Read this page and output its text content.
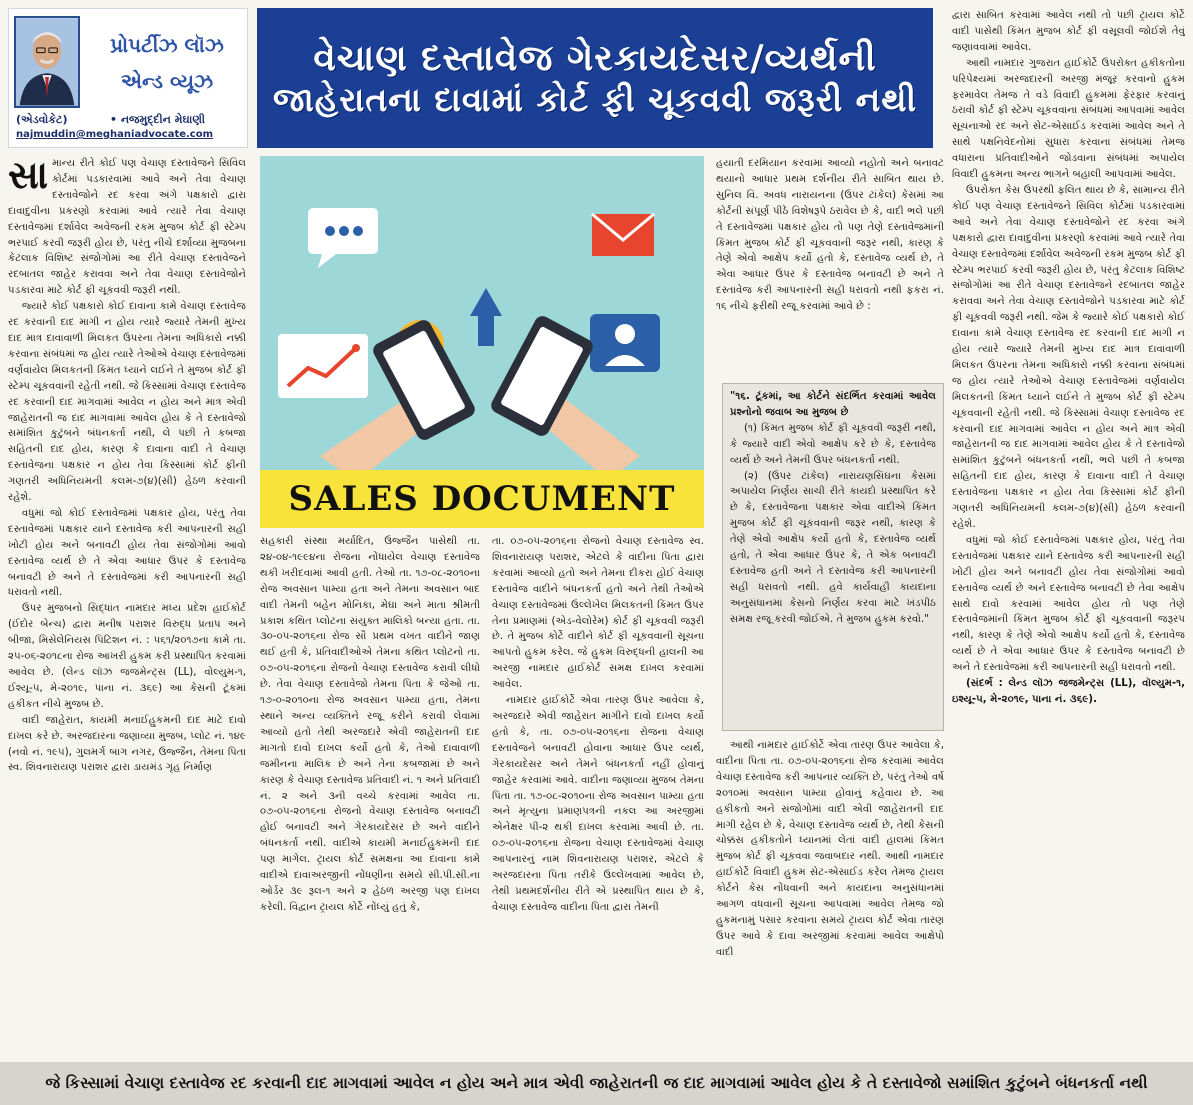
પ્રોપર્ટીઝ લૉઝ
એન્ડ વ્યૂઝ
(એડવોકેટ)	• નજમુદ્દીન મેઘાણી
najmuddin@meghaniadvocate.com
વેચાણ દસ્તાવેજ ગેરકાયદેસર/વ્યર્થની
જાહેરાતના દાવામાં કોર્ટ ફી ચૂકવવી જરૂરી નથી

સામાન્ય રીતે કોઈ પણ વેચાણ દસ્તાવેજને સિવિલ કોર્ટમાં પડકારવામાં આવે અને તેવા વેચાણ દસ્તાવેજોને રદ કરવા અંગે પક્ષકારો દ્વારા દાવાદુવીના પ્રકરણો કરવામાં આવે ત્યારે તેવા વેચાણ દસ્તાવેજમાં દર્શાવેલ અવેજની રકમ મુજબ કોર્ટ ફી સ્ટેમ્પ ભરપાઈ કરવી જરૂરી હોય છે, પરંતુ નીચે દર્શાવ્યા મુજબના કેટલાક વિશિષ્ટ સંજોગોમાં આ રીતે વેચાણ દસ્તાવેજને રદબાતલ જાહેર કરાવવા અને તેવા વેચાણ દસ્તાવેજોને પડકારવા માટે કોર્ટ ફી ચૂકવવી જરૂરી નથી.

જ્યારે કોઈ પક્ષકારો કોઈ દાવાના કામે વેચાણ દસ્તાવેજ રદ કરવાની દાદ માગી ન હોય ત્યારે જ્યારે તેમની મુખ્ય દાદ માત્ર દાવાવાળી મિલકત ઉપરના તેમના અધિકારો નક્કી કરવાના સંબંધમાં જ હોય ત્યારે તેઓએ વેચાણ દસ્તાવેજમાં વર્ણવાયેલ મિલકતની કિંમત ધ્યાને લઈને તે મુજબ કોર્ટ ફી સ્ટેમ્પ ચૂકવવાની રહેતી નથી. જે કિસ્સામાં વેચાણ દસ્તાવેજ રદ કરવાની દાદ માગવામાં આવેલ ન હોય અને માત્ર એવી જાહેરાતની જ દાદ માગવામાં આવેલ હોય કે તે દસ્તાવેજો સમાંશિત કુટુંબને બંધનકર્તા નથી, લે પછી તે કબજા સહિતની દાદ હોય, કારણ કે દાવાના વાદી તે વેચાણ દસ્તાવેજના પક્ષકાર ન હોય તેવા કિસ્સામાં કોર્ટ ફીની ગણતરી અધિનિયમની કલમ-૭(૪)(સી) હેઠળ કરવાની રહેશે.

વધુમાં જો કોઈ દસ્તાવેજમાં પક્ષકાર હોય, પરંતુ તેવા દસ્તાવેજમાં પક્ષકાર યાને દસ્તાવેજ કરી આપનારની સહી ખોટી હોય અને બનાવટી હોય તેવા સંજોગોમાં આવો દસ્તાવેજ વ્યર્થ છે તે એવા આધાર ઉપર કે દસ્તાવેજ બનાવટી છે અને તે દસ્તાવેજમાં કરી આપનારની સહી ધરાવતો નથી.

ઉપર મુજબનો સિદ્ધાંત નામદાર મધ્ય પ્રદેશ હાઈકોર્ટ (ઈંદોર બેન્ચ) દ્વારા મનીષ પરાશર વિરુદ્ધ પ્રતાપ અને બીજા, મિસેલેનિયસ પિટિશન નં. : ૫૬૧/૨૦૧૭ના કામે તા. ૨૫-૦૬-૨૦૧૮ના રોજ આખરી હુકમ કરી પ્રસ્થાપિત કરવામાં આવેલ છે. (લેન્ડ લૉઝ જજમેન્ટ્સ (LL), વોલ્યુમ-૧, ઈશ્યૂ-૫, મે-૨૦૧૯, પાના નં. ૩૬૯) આ કેસની ટૂંકમાં હકીકત નીચે મુજબ છે.

વાદી જાહેરાત, કાયમી મનાઈહુકમની દાદ માટે દાવો દાખલ કરે છે. અરજદારના જણાવ્યા મુજબ, પ્લોટ નં. ૧૪૯ (નવો નં. ૧૯૫), ગુલમર્ગ બાગ નગર, ઉજ્જૈન, તેમના પિતા સ્વ. શિવનારાયણ પરાશર દ્વારા ડાયમંડ ગૃહ નિર્માણ

SALES DOCUMENT

સહકારી સંસ્થા મર્યાદિત, ઉજ્જૈન પાસેથી તા. ૨૪-૦૪-૧૯૯૪ના રોજના નોંધાયેલ વેચાણ દસ્તાવેજ થકી ખરીદવામાં આવી હતી. તેઓ તા. ૧૭-૦૮-૨૦૧૦ના રોજ અવસાન પામ્યા હતા અને તેમના અવસાન બાદ વાદી તેમની બહેન મોનિકા, મેઘા અને માતા શ્રીમતી પ્રકાશ કથિત પ્લોટના સંયુક્ત માલિકો બન્યા હતા. તા. ૩૦-૦૫-૨૦૧૬ના રોજ સૌ પ્રથમ વખત વાદીને જાણ થઈ હતી કે, પ્રતિવાદીઓએ તેમના કથિત પ્લોટનો તા. ૦૭-૦૫-૨૦૧૬ના રોજનો વેચાણ દસ્તાવેજ કરાવી લીધો છે. તેવા વેચાણ દસ્તાવેજો તેમના પિતા કે જેઓ તા. ૧૭-૦-૨૦૧૦ના રોજ અવસાન પામ્યા હતા, તેમના સ્થાને અન્ય વ્યક્તિને રજૂ કરીને કરાવી લેવામાં આવ્યો હતો તેથી અરજદારે એવી જાહેરાતની દાદ માગતો દાવો દાખલ કર્યો હતો કે, તેઓ દાવાવાળી જમીનના માલિક છે અને તેના કબજામાં છે અને કારણ કે વેચાણ દસ્તાવેજ પ્રતિવાદી નં. ૧ અને પ્રતિવાદી નં. ૨ અને ૩ની વચ્ચે કરવામાં આવેલ તા. ૦૭-૦૫-૨૦૧૬ના રોજનો વેચાણ દસ્તાવેજ બનાવટી હોઈ બનાવટી અને ગેરકાયદેસર છે અને વાદીને બંધનકર્તા નથી. વાદીએ કાયમી મનાઈહુકમની દાદ પણ માગેલ. ટ્રાયલ કોર્ટ સમક્ષના આ દાવાના કામે વાદીએ દાવાઅરજીની નોંધણીના સમયે સી.પી.સી.ના ઓર્ડર ૩૯ રૂલ-૧ અને ૨ હેઠળ અરજી પણ દાખલ કરેલી. વિદ્વાન ટ્રાયલ કોર્ટે નોંધ્યું હતું કે,

તા. ૦૭-૦૫-૨૦૧૬ના રોજનો વેચાણ દસ્તાવેજ સ્વ. શિવનારાયણ પરાશર, એટલે કે વાદીના પિતા દ્વારા કરવામાં આવ્યો હતો અને તેમના દીકરા હોઈ વેચાણ દસ્તાવેજ વાદીને બંધનકર્તા હતો અને તેથી તેઓએ વેચાણ દસ્તાવેજમાં ઉલ્લેખેલ મિલકતની કિંમત ઉપર તેના પ્રમાણમાં (એડ-વેલોરેમ) કોર્ટ ફી ચૂકવવી જરૂરી છે. તે મુજબ કોર્ટે વાદીને કોર્ટ ફી ચૂકવવાની સૂચના આપતો હુકમ કરેલ. જે હુકમ વિરુદ્ધની હાલની આ અરજી નામદાર હાઈકોર્ટ સમક્ષ દાખલ કરવામાં આવેલ.

નામદાર હાઈકોર્ટે એવા તારણ ઉપર આવેલા કે, અરજદારે એવી જાહેરાત માગીને દાવો દાખલ કર્યો હતો કે, તા. ૦૭-૦૫-૨૦૧૬ના રોજના વેચાણ દસ્તાવેજને બનાવટી હોવાના આધાર ઉપર વ્યર્થ, ગેરકાયદેસર અને તેમને બંધનકર્તા નહીં હોવાનું જાહેર કરવામાં આવે. વાદીના જણાવ્યા મુજબ તેમના પિતા તા. ૧૭-૦૮-૨૦૧૦ના રોજ અવસાન પામ્યા હતા અને મૃત્યુના પ્રમાણપત્રની નકલ આ અરજીમાં એનેક્ષર પી-૨ થકી દાખલ કરવામાં આવી છે. તા. ૦૭-૦૫-૨૦૧૬ના રોજના વેચાણ દસ્તાવેજમાં વેચાણ આપનારનું નામ શિવનારાયણ પરાશર, એટલે કે અરજદારના પિતા તરીકે ઉલ્લેખવામાં આવેલ છે, તેથી પ્રથમદર્શનીય રીતે એ પ્રસ્થાપિત થાય છે કે, વેચાણ દસ્તાવેજ વાદીના પિતા દ્વારા તેમની

હયાતી દરમિયાન કરવામાં આવ્યો નહોતો અને બનાવટ થયાનો આધાર પ્રથમ દર્શનીય રીતે સાબિત થાય છે. સુનિલ વિ. અવધ નારાયનના (ઉપર ટાંકેલ) કેસમાં આ કોર્ટની સંપૂર્ણ પીઠે વિશેષરૂપે ઠરાવેલ છે કે, વાદી ભલે પછી તે દસ્તાવેજમાં પક્ષકાર હોય તો પણ તેણે દસ્તાવેજમાંની કિંમત મુજબ કોર્ટ ફી ચૂકવવાની જરૂર નથી, કારણ કે તેણે એવો આક્ષેપ કર્યો હતો કે, દસ્તાવેજ વ્યર્થ છે, તે એવા આધાર ઉપર કે દસ્તાવેજ બનાવટી છે અને તે દસ્તાવેજ કરી આપનારની સહી ધરાવતો નથી ફકરા નં. ૧૬ નીચે ફરીથી રજૂ કરવામાં આવે છે :

"૧૬. ટૂંકમાં, આ કોર્ટને સંદર્ભિત કરવામાં આવેલ પ્રશ્નોનો જવાબ આ મુજબ છે

(૧) કિંમત મુજબ કોર્ટ ફી ચૂકવવી જરૂરી નથી, કે જ્યારે વાદી એવો આક્ષેપ કરે છે કે, દસ્તાવેજ વ્યર્થ છે અને તેમની ઉપર બંધનકર્તા નથી.

(૨) (ઉપર ટાંકેલ) નારાયણસિંઘના કેસમાં અપાયેલ નિર્ણય સાચી રીતે કાયદો પ્રસ્થાપિત કરે છે કે, દસ્તાવેજના પક્ષકાર એવા વાદીએ કિંમત મુજબ કોર્ટ ફી ચૂકવવાની જરૂર નથી, કારણ કે તેણે એવો આક્ષેપ કર્યો હતો કે, દસ્તાવેજ વ્યર્થ હતો, તે એવા આધાર ઉપર કે, તે એક બનાવટી દસ્તાવેજ હતી અને તે દસ્તાવેજ કરી આપનારની સહી ધરાવતો નથી. હવે કાર્યવાહી કાયદાના અનુસંધાનમાં કેસનો નિર્ણય કરવા માટે ખંડપીઠ સમક્ષ રજૂ કરવી જોઈએ. તે મુજબ હુકમ કરવો."

આથી નામદાર હાઈકોર્ટે એવા તારણ ઉપર આવેલા કે, વાદીના પિતા તા. ૦૭-૦૫-૨૦૧૬ના રોજ કરવામાં આવેલ વેચાણ દસ્તાવેજ કરી આપનાર વ્યક્તિ છે, પરંતુ તેઓ વર્ષ ૨૦૧૦માં અવસાન પામ્યા હોવાનું કહેવાય છે. આ હકીકતો અને સંજોગોમાં વાદી એવી જાહેરાતની દાદ માગી રહેલ છે કે, વેચાણ દસ્તાવેજ વ્યર્થ છે, તેથી કેસની ચોક્કસ હકીકતોને ધ્યાનમાં લેતાં વાદી હાલમાં કિંમત મુજબ કોર્ટ ફી ચૂકવવા જવાબદાર નથી. આથી નામદાર હાઈકોર્ટે વિવાદી હુકમ સેટ-એસાઈડ કરેલ તેમજ ટ્રાયલ કોર્ટને કેસ નોંધવાની અને કાયદાના અનુસંધાનમાં આગળ વધવાની સૂચના આપવામાં આવેલ તેમજ જો હુકમનામું પસાર કરવાના સમયે ટ્રાયલ કોર્ટ એવા તારણ ઉપર આવે કે દાવા અરજીમાં કરવામાં આવેલ આક્ષેપો વાદી

દ્વારા સાબિત કરવામાં આવેલ નથી તો પછી ટ્રાયલ કોર્ટે વાદી પાસેથી કિંમત મુજબ કોર્ટ ફી વસૂલવી જોઈશે તેવું જણાવવામાં આવેલ.

આથી નામદાર ગુજરાત હાઈકોર્ટે ઉપરોક્ત હકીકતોના પરિપેક્ષ્યમાં અરજદારની અરજી મંજૂર કરવાનો હુકમ ફરમાવેલ તેમજ તે વડે વિવાદી હુકમમાં ફેરફાર કરવાનું ઠરાવી કોર્ટ ફી સ્ટેમ્પ ચૂકવવાના સંબંધમાં આપવામાં આવેલ સૂચનાઓ રદ અને સેટ-એસાઈડ કરવામાં આવેલ અને તે સાથે પક્ષનિવેદનોમાં સુધારા કરવાના સંબંધમાં તેમજ વધારાના પ્રતિવાદીઓને જોડવાના સંબંધમાં અપાયેલ વિવાદી હુકમના અન્ય ભાગને બહાલી આપવામાં આવેલ.

ઉપરોક્ત કેસ ઉપરથી ફલિત થાય છે કે, સામાન્ય રીતે કોઈ પણ વેચાણ દસ્તાવેજને સિવિલ કોર્ટમાં પડકારવામાં આવે અને તેવા વેચાણ દસ્તાવેજોને રદ કરવા અંગે પક્ષકારો દ્વારા દાવાદુવીના પ્રકરણો કરવામાં આવે ત્યારે તેવા વેચાણ દસ્તાવેજમાં દર્શાવેલ અવેજની રકમ મુજબ કોર્ટ ફી સ્ટેમ્પ ભરપાઈ કરવી જરૂરી હોય છે, પરંતુ કેટલાક વિશિષ્ટ સંજોગોમાં આ રીતે વેચાણ દસ્તાવેજને રદબાતલ જાહેર કરાવવા અને તેવા વેચાણ દસ્તાવેજોને પડકારવા માટે કોર્ટ ફી ચૂકવવી જરૂરી નથી. જેમ કે જ્યારે કોઈ પક્ષકારો કોઈ દાવાના કામે વેચાણ દસ્તાવેજ રદ કરવાની દાદ માગી ન હોય ત્યારે જ્યારે તેમની મુખ્ય દાદ માત્ર દાવાવાળી મિલકત ઉપરના તેમના અધિકારો નક્કી કરવાના સંબંધમાં જ હોય ત્યારે તેઓએ વેચાણ દસ્તાવેજમાં વર્ણવાયેલ મિલકતની કિંમત ધ્યાને લઈને તે મુજબ કોર્ટ ફી સ્ટેમ્પ ચૂકવવાની રહેતી નથી. જે કિસ્સામાં વેચાણ દસ્તાવેજ રદ કરવાની દાદ માગવામાં આવેલ ન હોય અને માત્ર એવી જાહેરાતની જ દાદ માગવામાં આવેલ હોય કે તે દસ્તાવેજો સમાંશિત કુટુંબને બંધનકર્તા નથી, ભલે પછી તે કબજા સહિતની દાદ હોય, કારણ કે દાવાના વાદી તે વેચાણ દસ્તાવેજના પક્ષકાર ન હોય તેવા કિસ્સામાં કોર્ટ ફીની ગણતરી અધિનિયમની કલમ-૭(૪)(સી) હેઠળ કરવાની રહેશે.

વધુમાં જો કોઈ દસ્તાવેજમાં પક્ષકાર હોય, પરંતુ તેવા દસ્તાવેજમાં પક્ષકાર યાને દસ્તાવેજ કરી આપનારની સહી ખોટી હોય અને બનાવટી હોય તેવા સંજોગોમાં આવો દસ્તાવેજ વ્યર્થ છે અને દસ્તાવેજ બનાવટી છે તેવા આક્ષેપ સાથે દાવો કરવામાં આવેલ હોય તો પણ તેણે દસ્તાવેજમાંની કિંમત મુજબ કોર્ટ ફી ચૂકવવાની જરૂરપ નથી, કારણ કે તેણે એવો આક્ષેપ કર્યો હતો કે, દસ્તાવેજ વ્યર્થ છે તે એવા આધાર ઉપર કે દસ્તાવેજ બનાવટી છે અને તે દસ્તાવેજમાં કરી આપનારની સહી ધરાવતો નથી.

(સંદર્ભ : લેન્ડ લૉઝ જજમેન્ટ્સ (LL), વૉલ્યુમ-૧, ઇશ્યૂ-૫, મે-૨૦૧૯, પાના નં. ૩૬૯).

જે કિસ્સામાં વેચાણ દસ્તાવેજ રદ કરવાની દાદ માગવામાં આવેલ ન હોય અને માત્ર એવી જાહેરાતની જ દાદ માગવામાં આવેલ હોય કે તે દસ્તાવેજો સમાંશિત કુટુંબને બંધનકર્તા નથી
